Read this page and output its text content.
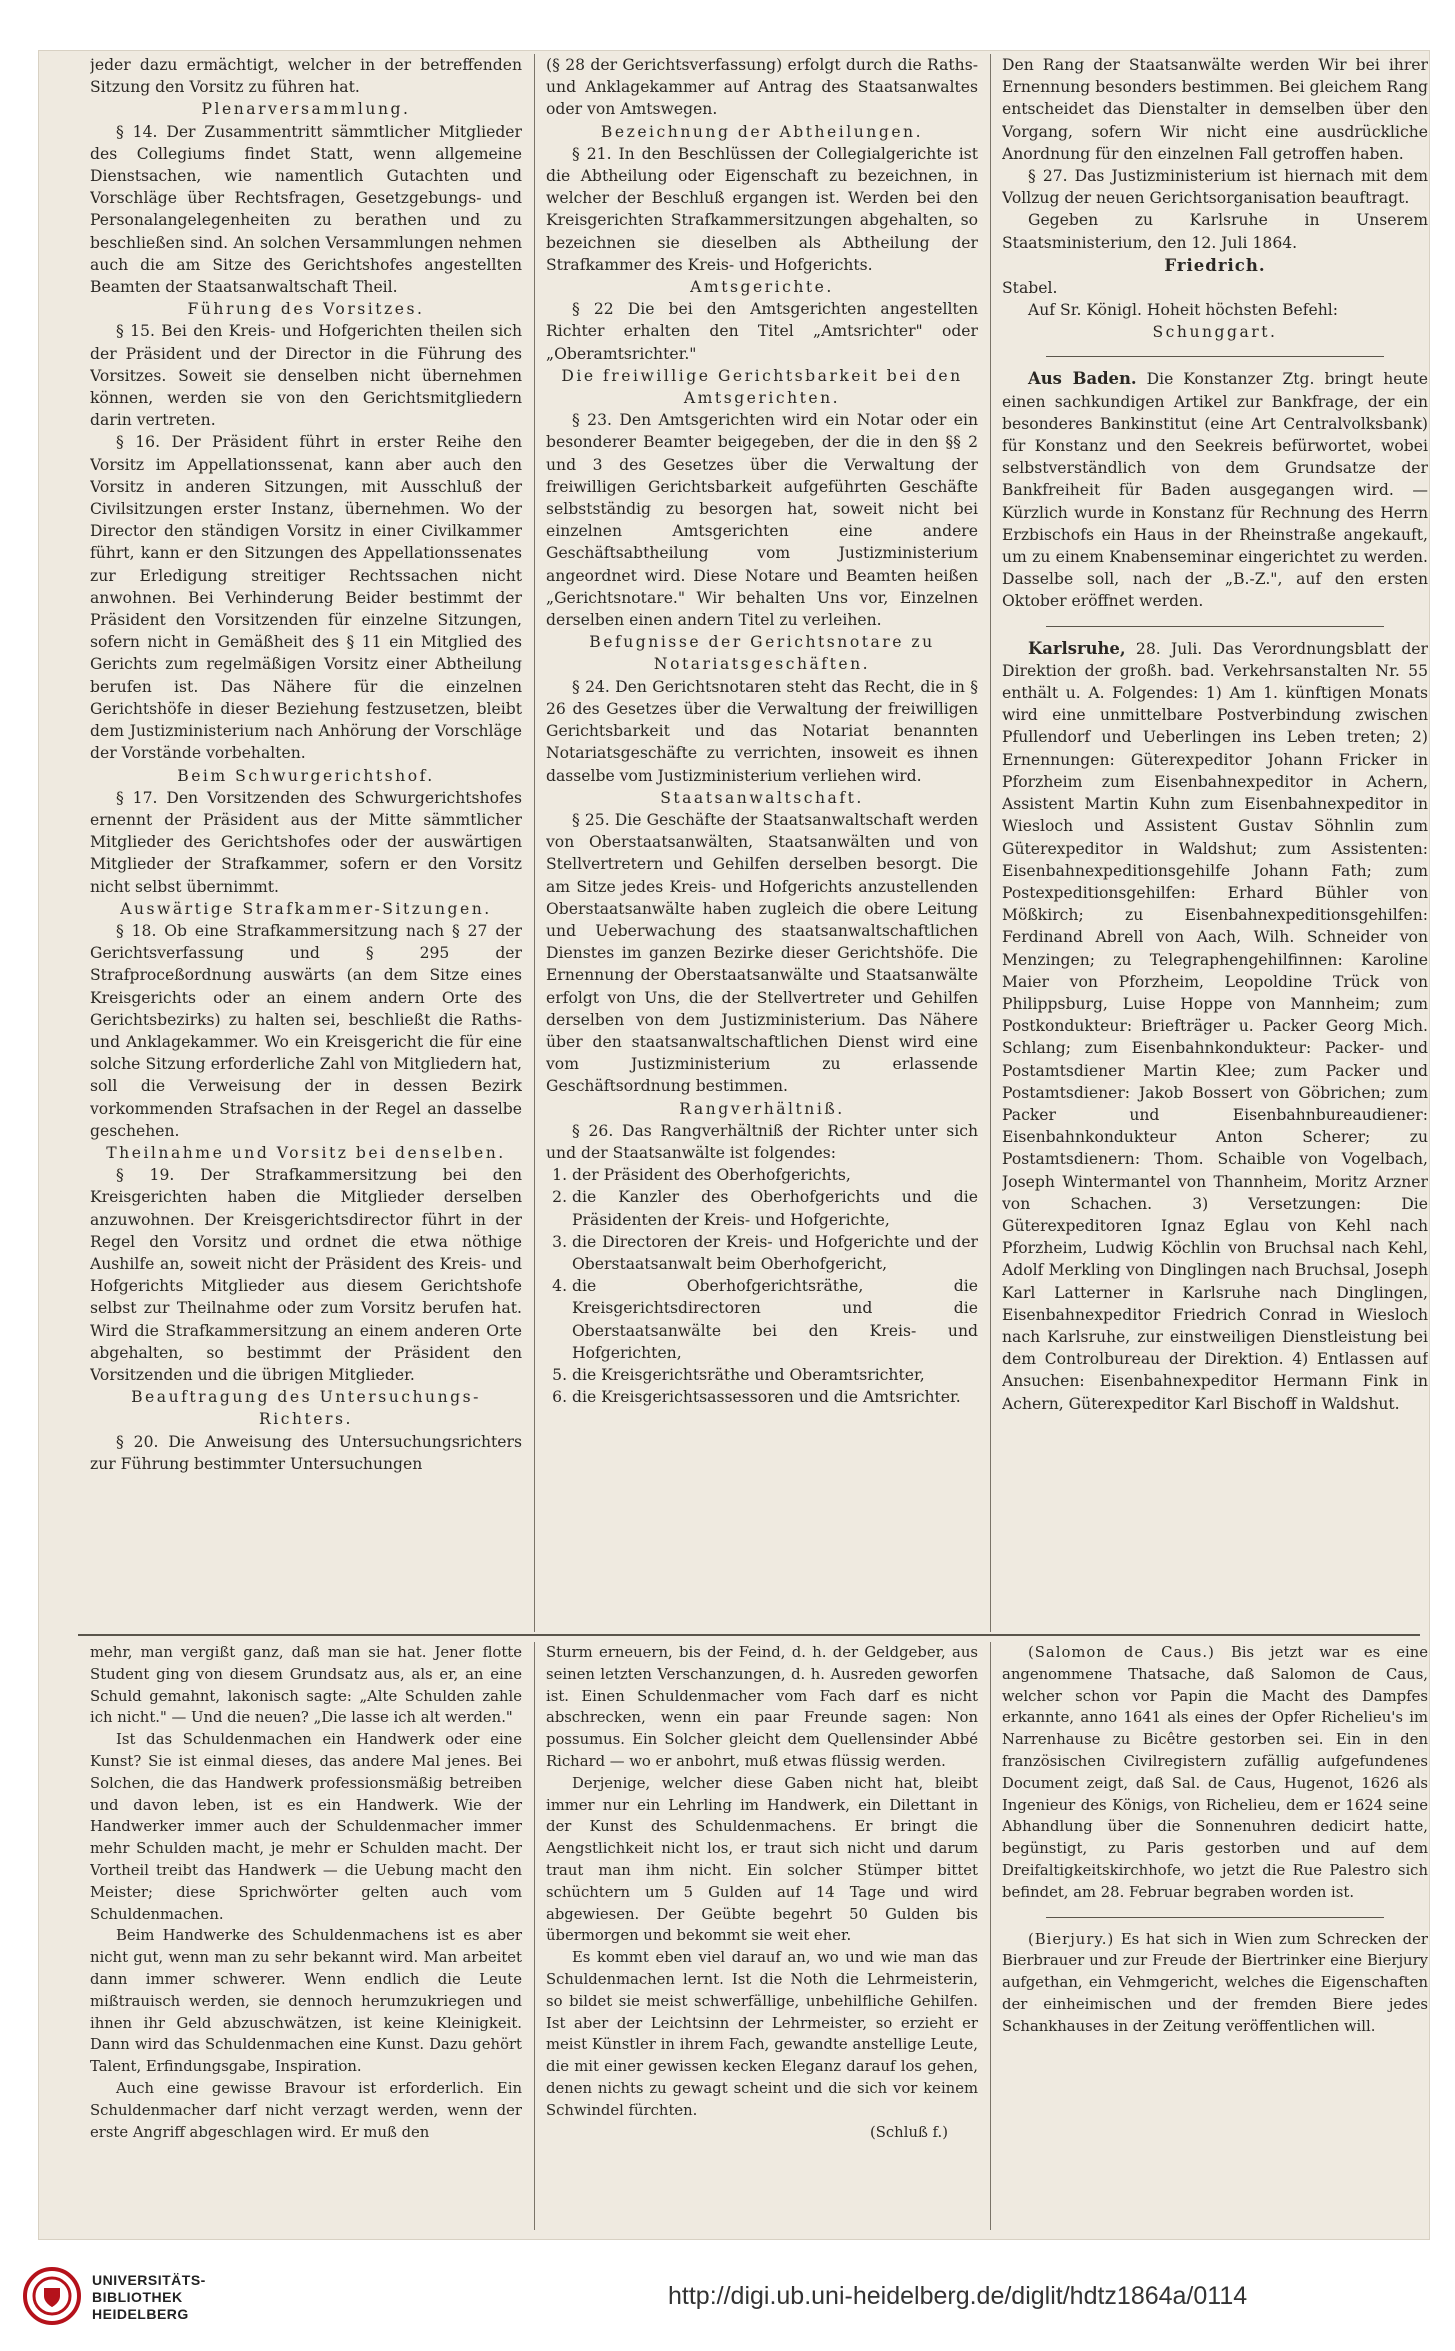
jeder dazu ermächtigt, welcher in der betreffenden Sitzung den Vorsitz zu führen hat.

Plenarversammlung.

§ 14. Der Zusammentritt sämmtlicher Mitglieder des Collegiums findet Statt, wenn allgemeine Dienstsachen, wie namentlich Gutachten und Vorschläge über Rechtsfragen, Gesetzgebungs- und Personalangelegenheiten zu berathen und zu beschließen sind. An solchen Versammlungen nehmen auch die am Sitze des Gerichtshofes angestellten Beamten der Staatsanwaltschaft Theil.

Führung des Vorsitzes.

§ 15. Bei den Kreis- und Hofgerichten theilen sich der Präsident und der Director in die Führung des Vorsitzes. Soweit sie denselben nicht übernehmen können, werden sie von den Gerichtsmitgliedern darin vertreten.

§ 16. Der Präsident führt in erster Reihe den Vorsitz im Appellationssenat, kann aber auch den Vorsitz in anderen Sitzungen, mit Ausschluß der Civilsitzungen erster Instanz, übernehmen. Wo der Director den ständigen Vorsitz in einer Civilkammer führt, kann er den Sitzungen des Appellationssenates zur Erledigung streitiger Rechtssachen nicht anwohnen. Bei Verhinderung Beider bestimmt der Präsident den Vorsitzenden für einzelne Sitzungen, sofern nicht in Gemäßheit des § 11 ein Mitglied des Gerichts zum regelmäßigen Vorsitz einer Abtheilung berufen ist. Das Nähere für die einzelnen Gerichtshöfe in dieser Beziehung festzusetzen, bleibt dem Justizministerium nach Anhörung der Vorschläge der Vorstände vorbehalten.

Beim Schwurgerichtshof.

§ 17. Den Vorsitzenden des Schwurgerichtshofes ernennt der Präsident aus der Mitte sämmtlicher Mitglieder des Gerichtshofes oder der auswärtigen Mitglieder der Strafkammer, sofern er den Vorsitz nicht selbst übernimmt.

Auswärtige Strafkammer-Sitzungen.

§ 18. Ob eine Strafkammersitzung nach § 27 der Gerichtsverfassung und § 295 der Strafproceßordnung auswärts (an dem Sitze eines Kreisgerichts oder an einem andern Orte des Gerichtsbezirks) zu halten sei, beschließt die Raths- und Anklagekammer. Wo ein Kreisgericht die für eine solche Sitzung erforderliche Zahl von Mitgliedern hat, soll die Verweisung der in dessen Bezirk vorkommenden Strafsachen in der Regel an dasselbe geschehen.

Theilnahme und Vorsitz bei denselben.

§ 19. Der Strafkammersitzung bei den Kreisgerichten haben die Mitglieder derselben anzuwohnen. Der Kreisgerichtsdirector führt in der Regel den Vorsitz und ordnet die etwa nöthige Aushilfe an, soweit nicht der Präsident des Kreis- und Hofgerichts Mitglieder aus diesem Gerichtshofe selbst zur Theilnahme oder zum Vorsitz berufen hat. Wird die Strafkammersitzung an einem anderen Orte abgehalten, so bestimmt der Präsident den Vorsitzenden und die übrigen Mitglieder.

Beauftragung des Untersuchungs-Richters.

§ 20. Die Anweisung des Untersuchungsrichters zur Führung bestimmter Untersuchungen

(§ 28 der Gerichtsverfassung) erfolgt durch die Raths- und Anklagekammer auf Antrag des Staatsanwaltes oder von Amtswegen.

Bezeichnung der Abtheilungen.

§ 21. In den Beschlüssen der Collegialgerichte ist die Abtheilung oder Eigenschaft zu bezeichnen, in welcher der Beschluß ergangen ist. Werden bei den Kreisgerichten Strafkammersitzungen abgehalten, so bezeichnen sie dieselben als Abtheilung der Strafkammer des Kreis- und Hofgerichts.

Amtsgerichte.

§ 22 Die bei den Amtsgerichten angestellten Richter erhalten den Titel „Amtsrichter" oder „Oberamtsrichter."

Die freiwillige Gerichtsbarkeit bei den Amtsgerichten.

§ 23. Den Amtsgerichten wird ein Notar oder ein besonderer Beamter beigegeben, der die in den §§ 2 und 3 des Gesetzes über die Verwaltung der freiwilligen Gerichtsbarkeit aufgeführten Geschäfte selbstständig zu besorgen hat, soweit nicht bei einzelnen Amtsgerichten eine andere Geschäftsabtheilung vom Justizministerium angeordnet wird. Diese Notare und Beamten heißen „Gerichtsnotare." Wir behalten Uns vor, Einzelnen derselben einen andern Titel zu verleihen.

Befugnisse der Gerichtsnotare zu Notariatsgeschäften.

§ 24. Den Gerichtsnotaren steht das Recht, die in § 26 des Gesetzes über die Verwaltung der freiwilligen Gerichtsbarkeit und das Notariat benannten Notariatsgeschäfte zu verrichten, insoweit es ihnen dasselbe vom Justizministerium verliehen wird.

Staatsanwaltschaft.

§ 25. Die Geschäfte der Staatsanwaltschaft werden von Oberstaatsanwälten, Staatsanwälten und von Stellvertretern und Gehilfen derselben besorgt. Die am Sitze jedes Kreis- und Hofgerichts anzustellenden Oberstaatsanwälte haben zugleich die obere Leitung und Ueberwachung des staatsanwaltschaftlichen Dienstes im ganzen Bezirke dieser Gerichtshöfe. Die Ernennung der Oberstaatsanwälte und Staatsanwälte erfolgt von Uns, die der Stellvertreter und Gehilfen derselben von dem Justizministerium. Das Nähere über den staatsanwaltschaftlichen Dienst wird eine vom Justizministerium zu erlassende Geschäftsordnung bestimmen.

Rangverhältniß.

§ 26. Das Rangverhältniß der Richter unter sich und der Staatsanwälte ist folgendes:

1. der Präsident des Oberhofgerichts,
2. die Kanzler des Oberhofgerichts und die Präsidenten der Kreis- und Hofgerichte,
3. die Directoren der Kreis- und Hofgerichte und der Oberstaatsanwalt beim Oberhofgericht,
4. die Oberhofgerichtsräthe, die Kreisgerichtsdirectoren und die Oberstaatsanwälte bei den Kreis- und Hofgerichten,
5. die Kreisgerichtsräthe und Oberamtsrichter,
6. die Kreisgerichtsassessoren und die Amtsrichter.

Den Rang der Staatsanwälte werden Wir bei ihrer Ernennung besonders bestimmen. Bei gleichem Rang entscheidet das Dienstalter in demselben über den Vorgang, sofern Wir nicht eine ausdrückliche Anordnung für den einzelnen Fall getroffen haben.

§ 27. Das Justizministerium ist hiernach mit dem Vollzug der neuen Gerichtsorganisation beauftragt.

Gegeben zu Karlsruhe in Unserem Staatsministerium, den 12. Juli 1864.

Friedrich.

Stabel.

Auf Sr. Königl. Hoheit höchsten Befehl:

Schunggart.

Aus Baden. Die Konstanzer Ztg. bringt heute einen sachkundigen Artikel zur Bankfrage, der ein besonderes Bankinstitut (eine Art Centralvolksbank) für Konstanz und den Seekreis befürwortet, wobei selbstverständlich von dem Grundsatze der Bankfreiheit für Baden ausgegangen wird. — Kürzlich wurde in Konstanz für Rechnung des Herrn Erzbischofs ein Haus in der Rheinstraße angekauft, um zu einem Knabenseminar eingerichtet zu werden. Dasselbe soll, nach der „B.-Z.", auf den ersten Oktober eröffnet werden.

Karlsruhe, 28. Juli. Das Verordnungsblatt der Direktion der großh. bad. Verkehrsanstalten Nr. 55 enthält u. A. Folgendes: 1) Am 1. künftigen Monats wird eine unmittelbare Postverbindung zwischen Pfullendorf und Ueberlingen ins Leben treten; 2) Ernennungen: Güterexpeditor Johann Fricker in Pforzheim zum Eisenbahnexpeditor in Achern, Assistent Martin Kuhn zum Eisenbahnexpeditor in Wiesloch und Assistent Gustav Söhnlin zum Güterexpeditor in Waldshut; zum Assistenten: Eisenbahnexpeditionsgehilfe Johann Fath; zum Postexpeditionsgehilfen: Erhard Bühler von Mößkirch; zu Eisenbahnexpeditionsgehilfen: Ferdinand Abrell von Aach, Wilh. Schneider von Menzingen; zu Telegraphengehilfinnen: Karoline Maier von Pforzheim, Leopoldine Trück von Philippsburg, Luise Hoppe von Mannheim; zum Postkondukteur: Briefträger u. Packer Georg Mich. Schlang; zum Eisenbahnkondukteur: Packer- und Postamtsdiener Martin Klee; zum Packer und Postamtsdiener: Jakob Bossert von Göbrichen; zum Packer und Eisenbahnbureaudiener: Eisenbahnkondukteur Anton Scherer; zu Postamtsdienern: Thom. Schaible von Vogelbach, Joseph Wintermantel von Thannheim, Moritz Arzner von Schachen. 3) Versetzungen: Die Güterexpeditoren Ignaz Eglau von Kehl nach Pforzheim, Ludwig Köchlin von Bruchsal nach Kehl, Adolf Merkling von Dinglingen nach Bruchsal, Joseph Karl Latterner in Karlsruhe nach Dinglingen, Eisenbahnexpeditor Friedrich Conrad in Wiesloch nach Karlsruhe, zur einstweiligen Dienstleistung bei dem Controlbureau der Direktion. 4) Entlassen auf Ansuchen: Eisenbahnexpeditor Hermann Fink in Achern, Güterexpeditor Karl Bischoff in Waldshut.

mehr, man vergißt ganz, daß man sie hat. Jener flotte Student ging von diesem Grundsatz aus, als er, an eine Schuld gemahnt, lakonisch sagte: „Alte Schulden zahle ich nicht." — Und die neuen? „Die lasse ich alt werden."

Ist das Schuldenmachen ein Handwerk oder eine Kunst? Sie ist einmal dieses, das andere Mal jenes. Bei Solchen, die das Handwerk professionsmäßig betreiben und davon leben, ist es ein Handwerk. Wie der Handwerker immer auch der Schuldenmacher immer mehr Schulden macht, je mehr er Schulden macht. Der Vortheil treibt das Handwerk — die Uebung macht den Meister; diese Sprichwörter gelten auch vom Schuldenmachen.

Beim Handwerke des Schuldenmachens ist es aber nicht gut, wenn man zu sehr bekannt wird. Man arbeitet dann immer schwerer. Wenn endlich die Leute mißtrauisch werden, sie dennoch herumzukriegen und ihnen ihr Geld abzuschwätzen, ist keine Kleinigkeit. Dann wird das Schuldenmachen eine Kunst. Dazu gehört Talent, Erfindungsgabe, Inspiration.

Auch eine gewisse Bravour ist erforderlich. Ein Schuldenmacher darf nicht verzagt werden, wenn der erste Angriff abgeschlagen wird. Er muß den

Sturm erneuern, bis der Feind, d. h. der Geldgeber, aus seinen letzten Verschanzungen, d. h. Ausreden geworfen ist. Einen Schuldenmacher vom Fach darf es nicht abschrecken, wenn ein paar Freunde sagen: Non possumus. Ein Solcher gleicht dem Quellensinder Abbé Richard — wo er anbohrt, muß etwas flüssig werden.

Derjenige, welcher diese Gaben nicht hat, bleibt immer nur ein Lehrling im Handwerk, ein Dilettant in der Kunst des Schuldenmachens. Er bringt die Aengstlichkeit nicht los, er traut sich nicht und darum traut man ihm nicht. Ein solcher Stümper bittet schüchtern um 5 Gulden auf 14 Tage und wird abgewiesen. Der Geübte begehrt 50 Gulden bis übermorgen und bekommt sie weit eher.

Es kommt eben viel darauf an, wo und wie man das Schuldenmachen lernt. Ist die Noth die Lehrmeisterin, so bildet sie meist schwerfällige, unbehilfliche Gehilfen. Ist aber der Leichtsinn der Lehrmeister, so erzieht er meist Künstler in ihrem Fach, gewandte anstellige Leute, die mit einer gewissen kecken Eleganz darauf los gehen, denen nichts zu gewagt scheint und die sich vor keinem Schwindel fürchten.

(Schluß f.)

(Salomon de Caus.) Bis jetzt war es eine angenommene Thatsache, daß Salomon de Caus, welcher schon vor Papin die Macht des Dampfes erkannte, anno 1641 als eines der Opfer Richelieu's im Narrenhause zu Bicêtre gestorben sei. Ein in den französischen Civilregistern zufällig aufgefundenes Document zeigt, daß Sal. de Caus, Hugenot, 1626 als Ingenieur des Königs, von Richelieu, dem er 1624 seine Abhandlung über die Sonnenuhren dedicirt hatte, begünstigt, zu Paris gestorben und auf dem Dreifaltigkeitskirchhofe, wo jetzt die Rue Palestro sich befindet, am 28. Februar begraben worden ist.

(Bierjury.) Es hat sich in Wien zum Schrecken der Bierbrauer und zur Freude der Biertrinker eine Bierjury aufgethan, ein Vehmgericht, welches die Eigenschaften der einheimischen und der fremden Biere jedes Schankhauses in der Zeitung veröffentlichen will.

UNIVERSITÄTS-
BIBLIOTHEK
HEIDELBERG
http://digi.ub.uni-heidelberg.de/diglit/hdtz1864a/0114
